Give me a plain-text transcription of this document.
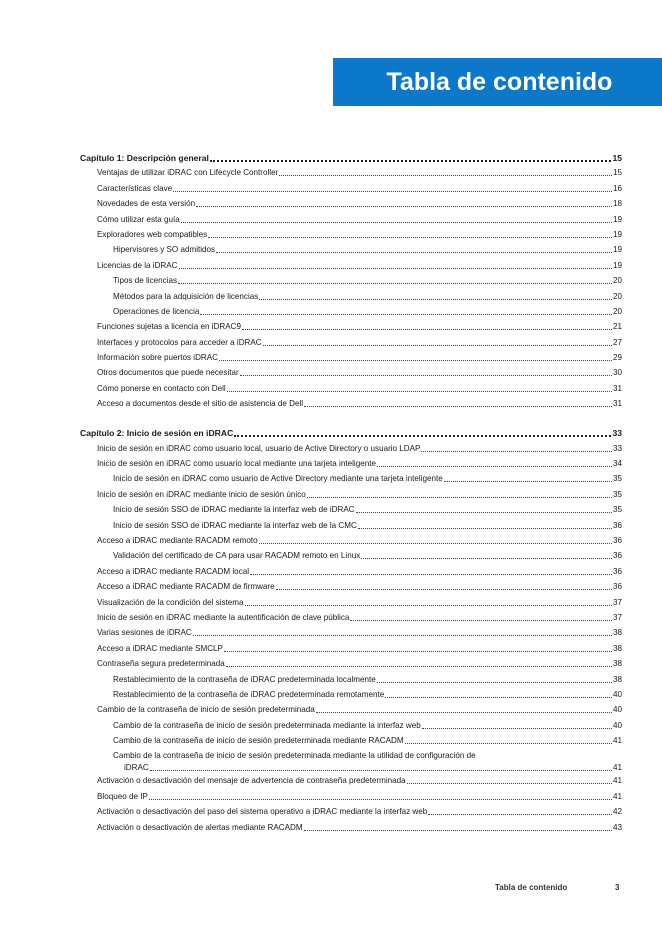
Tabla de contenido
Capítulo 1: Descripción general	15
Ventajas de utilizar iDRAC con Lifecycle Controller	15
Características clave	16
Novedades de esta versión	18
Cómo utilizar esta guía	19
Exploradores web compatibles	19
Hipervisores y SO admitidos	19
Licencias de la iDRAC	19
Tipos de licencias	20
Métodos para la adquisición de licencias	20
Operaciones de licencia	20
Funciones sujetas a licencia en iDRAC9	21
Interfaces y protocolos para acceder a iDRAC	27
Información sobre puertos iDRAC	29
Otros documentos que puede necesitar	30
Cómo ponerse en contacto con Dell	31
Acceso a documentos desde el sitio de asistencia de Dell	31
Capítulo 2: Inicio de sesión en iDRAC	33
Inicio de sesión en iDRAC como usuario local, usuario de Active Directory o usuario LDAP	33
Inicio de sesión en iDRAC como usuario local mediante una tarjeta inteligente	34
Inicio de sesión en iDRAC como usuario de Active Directory mediante una tarjeta inteligente	35
Inicio de sesión en iDRAC mediante inicio de sesión único	35
Inicio de sesión SSO de iDRAC mediante la interfaz web de iDRAC	35
Inicio de sesión SSO de iDRAC mediante la interfaz web de la CMC	36
Acceso a iDRAC mediante RACADM remoto	36
Validación del certificado de CA para usar RACADM remoto en Linux	36
Acceso a iDRAC mediante RACADM local	36
Acceso a iDRAC mediante RACADM de firmware	36
Visualización de la condición del sistema	37
Inicio de sesión en iDRAC mediante la autentificación de clave pública	37
Varias sesiones de iDRAC	38
Acceso a iDRAC mediante SMCLP	38
Contraseña segura predeterminada	38
Restablecimiento de la contraseña de iDRAC predeterminada localmente	38
Restablecimiento de la contraseña de iDRAC predeterminada remotamente	40
Cambio de la contraseña de inicio de sesión predeterminada	40
Cambio de la contraseña de inicio de sesión predeterminada mediante la interfaz web	40
Cambio de la contraseña de inicio de sesión predeterminada mediante RACADM	41
Cambio de la contraseña de inicio de sesión predeterminada mediante la utilidad de configuración de
iDRAC	41
Activación o desactivación del mensaje de advertencia de contraseña predeterminada	41
Bloqueo de IP	41
Activación o desactivación del paso del sistema operativo a iDRAC mediante la interfaz web	42
Activación o desactivación de alertas mediante RACADM	43
Tabla de contenido	3
